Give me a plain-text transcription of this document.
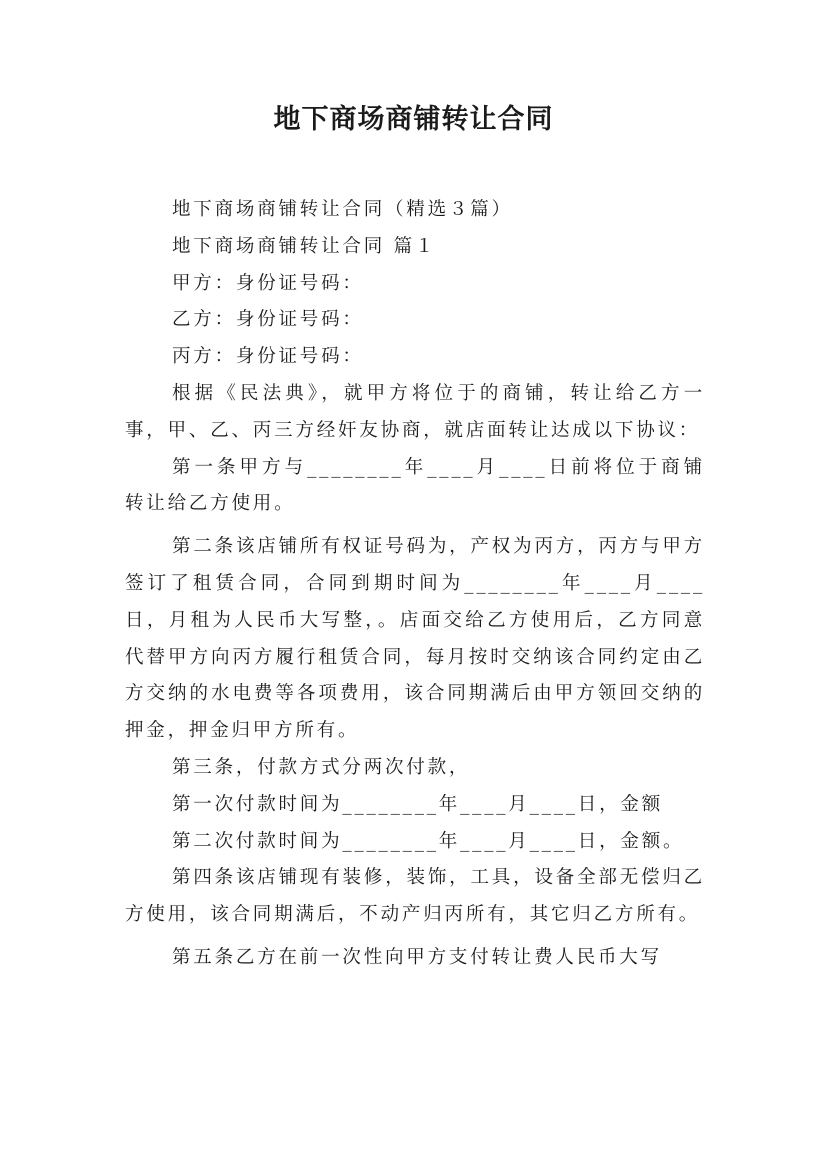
地下商场商铺转让合同

地下商场商铺转让合同（精选３篇）

地下商场商铺转让合同 篇１

甲方：身份证号码：

乙方：身份证号码：

丙方：身份证号码：

根据《民法典》，就甲方将位于的商铺，转让给乙方一事，甲、乙、丙三方经奸友协商，就店面转让达成以下协议：

第一条甲方与________年____月____日前将位于商铺转让给乙方使用。

第二条该店铺所有权证号码为，产权为丙方，丙方与甲方签订了租赁合同，合同到期时间为________年____月____日，月租为人民币大写整，。店面交给乙方使用后，乙方同意代替甲方向丙方履行租赁合同，每月按时交纳该合同约定由乙方交纳的水电费等各项费用，该合同期满后由甲方领回交纳的押金，押金归甲方所有。

第三条，付款方式分两次付款，

第一次付款时间为________年____月____日，金额

第二次付款时间为________年____月____日，金额。

第四条该店铺现有装修，装饰，工具，设备全部无偿归乙方使用，该合同期满后，不动产归丙所有，其它归乙方所有。

第五条乙方在前一次性向甲方支付转让费人民币大写
